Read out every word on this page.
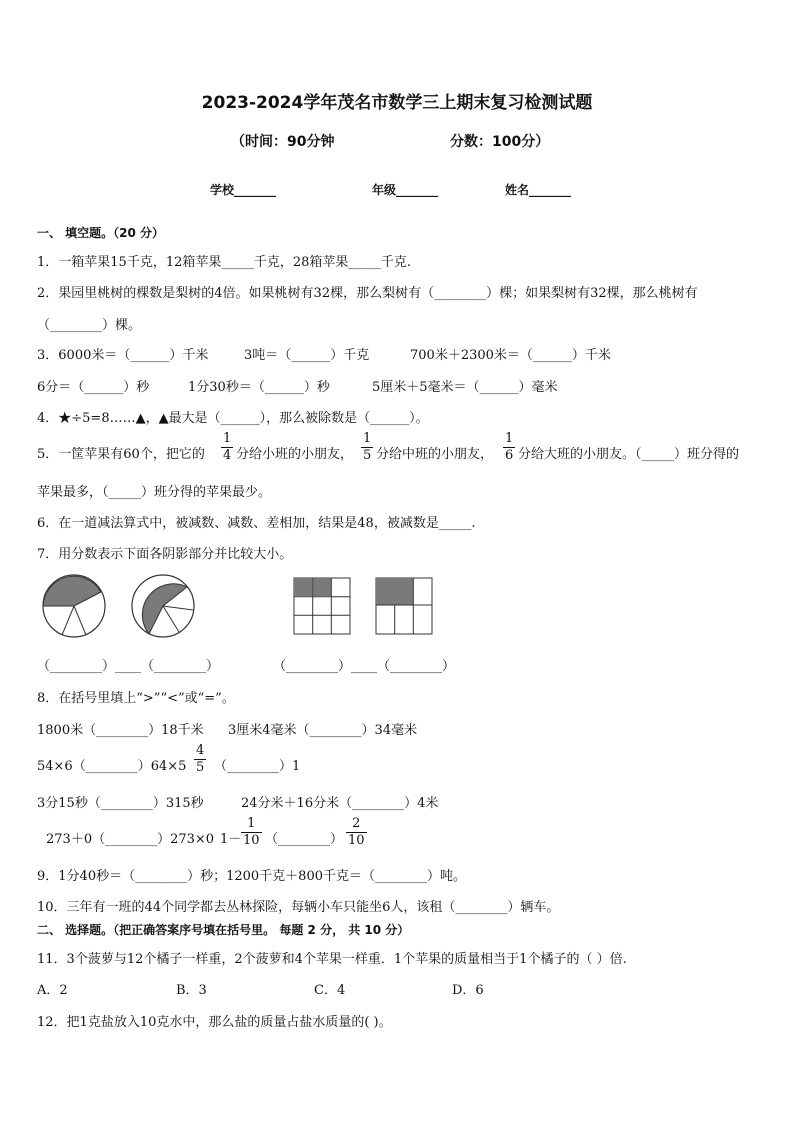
2023-2024学年茂名市数学三上期末复习检测试题
（时间：90分钟	分数：100分）
学校_______	年级_______	姓名_______
一、 填空题。（20 分）
1．一箱苹果15千克，12箱苹果_____千克，28箱苹果_____千克.
2．果园里桃树的棵数是梨树的4倍。如果桃树有32棵，那么梨树有（________）棵；如果梨树有32棵，那么桃树有
（________）棵。
3．6000米＝（______）千米	3吨＝（______）千克	700米＋2300米＝（______）千米
6分＝（______）秒	1分30秒＝（______）秒	5厘米＋5毫米＝（______）毫米
4．★÷5=8……▲，▲最大是（______），那么被除数是（______）。
5．一筐苹果有60个，把它的 $\frac{1}{4}$ 分给小班的小朋友， $\frac{1}{5}$ 分给中班的小朋友， $\frac{1}{6}$ 分给大班的小朋友。（_____）班分得的
苹果最多，（_____）班分得的苹果最少。
6．在一道减法算式中，被减数、减数、差相加，结果是48，被减数是_____.
7．用分数表示下面各阴影部分并比较大小。
（________）____（________）	（________）____（________）
8．在括号里填上“>”“<”或“=”。
1800米（________）18千米 3厘米4毫米（________）34毫米
54×6（________）64×5 $\frac{4}{5}$ （________）1
3分15秒（________）315秒	24分米＋16分米（________）4米
273＋0（________）273×0 $1- \frac{1}{10}$ （________） $\frac{2}{10}$
9．1分40秒＝（________）秒；1200千克＋800千克＝（________）吨。
10．三年有一班的44个同学都去丛林探险，每辆小车只能坐6人，该租（________）辆车。
二、 选择题。（把正确答案序号填在括号里。 每题 2 分， 共 10 分）
11．3个菠萝与12个橘子一样重，2个菠萝和4个苹果一样重．1个苹果的质量相当于1个橘子的（ ）倍.
A．2	B．3	C．4	D．6
12．把1克盐放入10克水中，那么盐的质量占盐水质量的( )。
